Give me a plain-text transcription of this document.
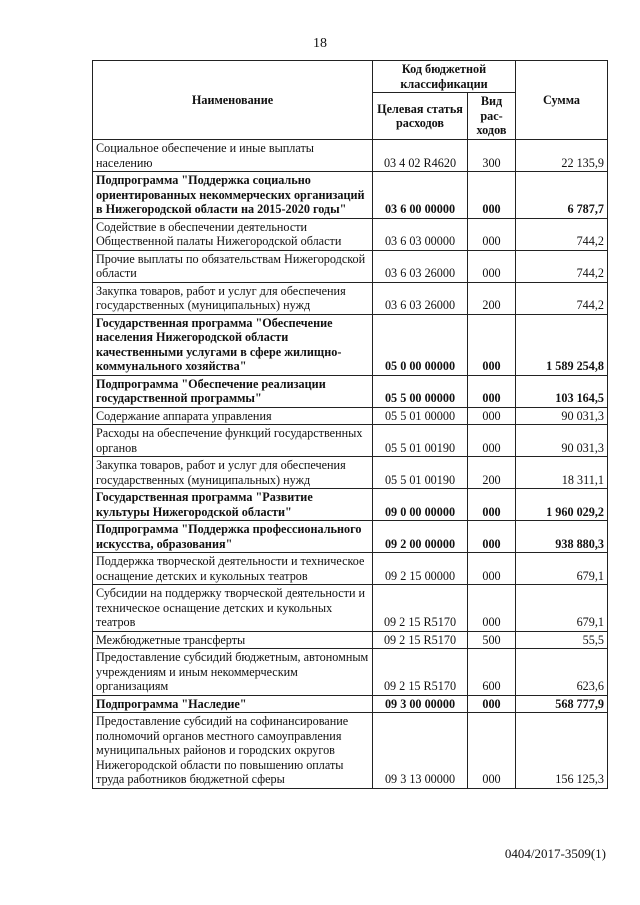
18
Наименование	Код бюджетной классификации		Сумма
	Целевая статья расходов	Вид рас-ходов	
Социальное обеспечение и иные выплаты населению	03 4 02 R4620	300	22 135,9
Подпрограмма "Поддержка социально ориентированных некоммерческих организаций в Нижегородской области на 2015-2020 годы"	03 6 00 00000	000	6 787,7
Содействие в обеспечении деятельности Общественной палаты Нижегородской области	03 6 03 00000	000	744,2
Прочие выплаты по обязательствам Нижегородской области	03 6 03 26000	000	744,2
Закупка товаров, работ и услуг для обеспечения государственных (муниципальных) нужд	03 6 03 26000	200	744,2
Государственная программа "Обеспечение населения Нижегородской области качественными услугами в сфере жилищно-коммунального хозяйства"	05 0 00 00000	000	1 589 254,8
Подпрограмма "Обеспечение реализации государственной программы"	05 5 00 00000	000	103 164,5
Содержание аппарата управления	05 5 01 00000	000	90 031,3
Расходы на обеспечение функций государственных органов	05 5 01 00190	000	90 031,3
Закупка товаров, работ и услуг для обеспечения государственных (муниципальных) нужд	05 5 01 00190	200	18 311,1
Государственная программа "Развитие культуры Нижегородской области"	09 0 00 00000	000	1 960 029,2
Подпрограмма "Поддержка профессионального искусства, образования"	09 2 00 00000	000	938 880,3
Поддержка творческой деятельности и техническое оснащение детских и кукольных театров	09 2 15 00000	000	679,1
Субсидии на поддержку творческой деятельности и техническое оснащение детских и кукольных театров	09 2 15 R5170	000	679,1
Межбюджетные трансферты	09 2 15 R5170	500	55,5
Предоставление субсидий бюджетным, автономным учреждениям и иным некоммерческим организациям	09 2 15 R5170	600	623,6
Подпрограмма "Наследие"	09 3 00 00000	000	568 777,9
Предоставление субсидий на софинансирование полномочий органов местного самоуправления муниципальных районов и городских округов Нижегородской области по повышению оплаты труда работников бюджетной сферы	09 3 13 00000	000	156 125,3
0404/2017-3509(1)
